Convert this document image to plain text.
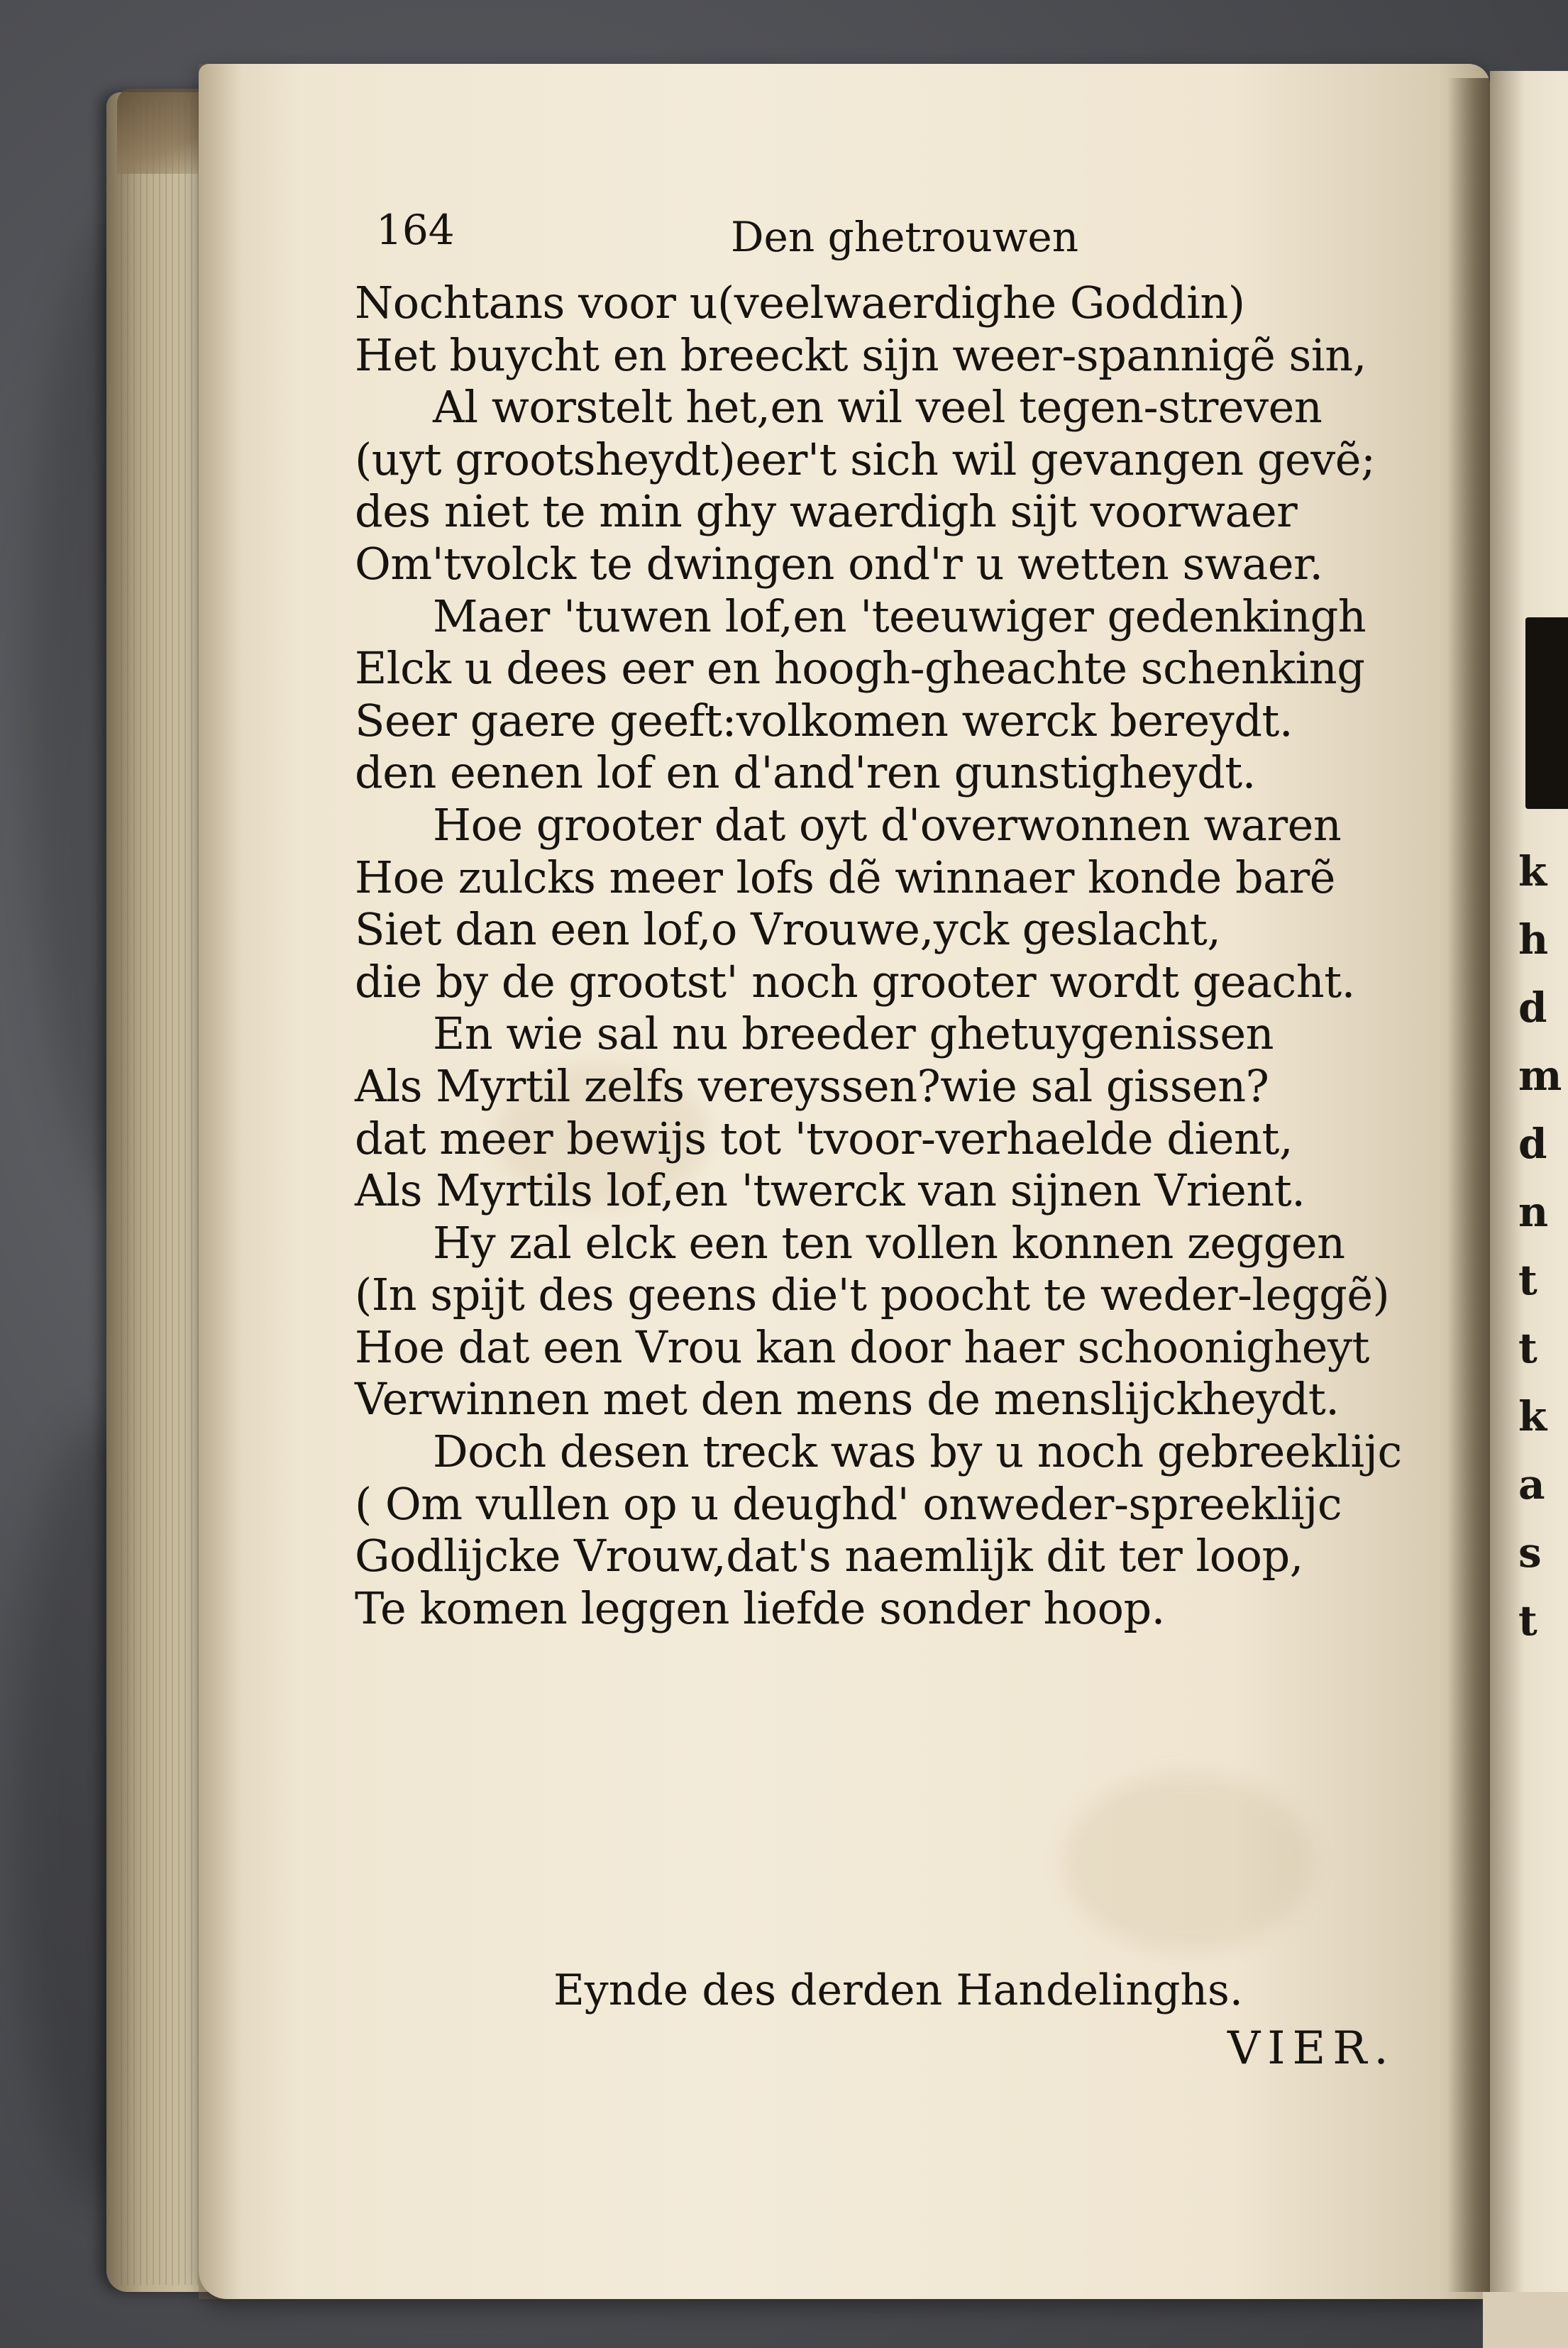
k
h
d
m
d
n
t
t
k
a
s
t
164	Den ghetrouwen
Nochtans voor u(veelwaerdighe Goddin)
Het buycht en breeckt sijn weer-spannigẽ sin,
Al worstelt het,en wil veel tegen-streven
(uyt grootsheydt)eer't sich wil gevangen gevẽ;
des niet te min ghy waerdigh sijt voorwaer
Om'tvolck te dwingen ond'r u wetten swaer.
Maer 'tuwen lof,en 'teeuwiger gedenkingh
Elck u dees eer en hoogh-gheachte schenking
Seer gaere geeft:volkomen werck bereydt.
den eenen lof en d'and'ren gunstigheydt.
Hoe grooter dat oyt d'overwonnen waren
Hoe zulcks meer lofs dẽ winnaer konde barẽ
Siet dan een lof,o Vrouwe,yck geslacht,
die by de grootst' noch grooter wordt geacht.
En wie sal nu breeder ghetuygenissen
Als Myrtil zelfs vereyssen?wie sal gissen?
dat meer bewijs tot 'tvoor-verhaelde dient,
Als Myrtils lof,en 'twerck van sijnen Vrient.
Hy zal elck een ten vollen konnen zeggen
(In spijt des geens die't poocht te weder-leggẽ)
Hoe dat een Vrou kan door haer schoonigheyt
Verwinnen met den mens de menslijckheydt.
Doch desen treck was by u noch gebreeklijc
( Om vullen op u deughd' onweder-spreeklijc
Godlijcke Vrouw,dat's naemlijk dit ter loop,
Te komen leggen liefde sonder hoop.
Eynde des derden Handelinghs.
VIER.
